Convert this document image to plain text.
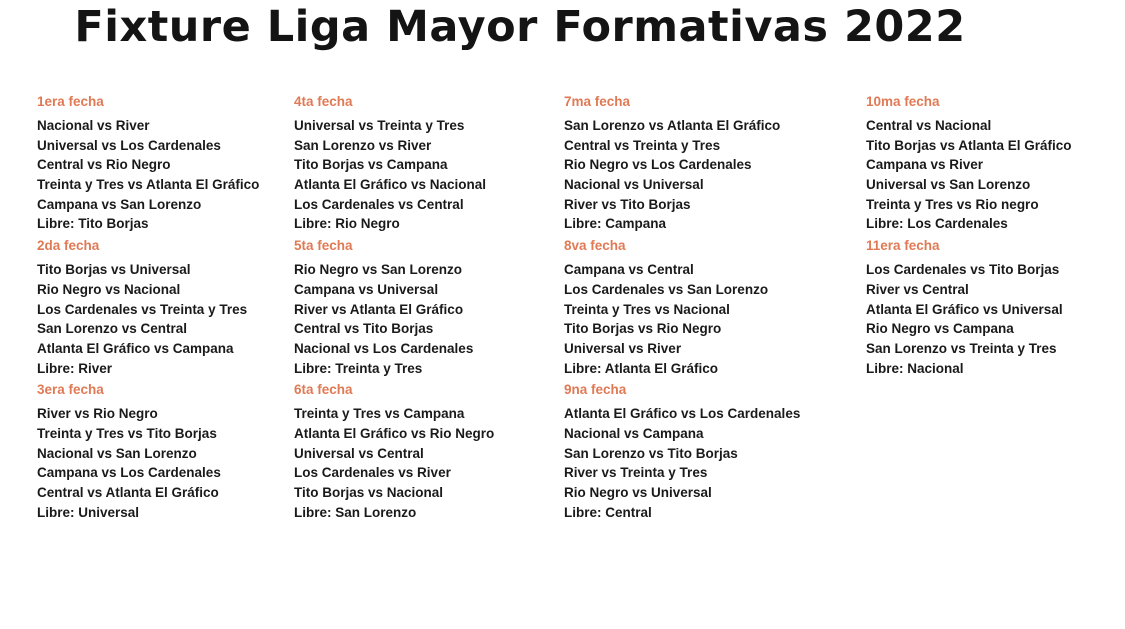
Fixture Liga Mayor Formativas 2022
1era fecha
Nacional vs River
Universal vs Los Cardenales
Central vs Rio Negro
Treinta y Tres vs Atlanta El Gráfico
Campana vs San Lorenzo
Libre: Tito Borjas
2da fecha
Tito Borjas vs Universal
Rio Negro vs Nacional
Los Cardenales vs Treinta y Tres
San Lorenzo vs Central
Atlanta El Gráfico vs Campana
Libre: River
3era fecha
River vs Rio Negro
Treinta y Tres vs Tito Borjas
Nacional vs San Lorenzo
Campana vs Los Cardenales
Central vs Atlanta El Gráfico
Libre: Universal
4ta fecha
Universal vs Treinta y Tres
San Lorenzo vs River
Tito Borjas vs Campana
Atlanta El Gráfico vs Nacional
Los Cardenales vs Central
Libre: Rio Negro
5ta fecha
Rio Negro vs San Lorenzo
Campana vs Universal
River vs Atlanta El Gráfico
Central vs Tito Borjas
Nacional vs Los Cardenales
Libre: Treinta y Tres
6ta fecha
Treinta y Tres vs Campana
Atlanta El Gráfico vs Rio Negro
Universal vs Central
Los Cardenales vs River
Tito Borjas vs Nacional
Libre: San Lorenzo
7ma fecha
San Lorenzo vs Atlanta El Gráfico
Central vs Treinta y Tres
Rio Negro vs Los Cardenales
Nacional vs Universal
River vs Tito Borjas
Libre: Campana
8va fecha
Campana vs Central
Los Cardenales vs San Lorenzo
Treinta y Tres vs Nacional
Tito Borjas vs Rio Negro
Universal vs River
Libre: Atlanta El Gráfico
9na fecha
Atlanta El Gráfico vs Los Cardenales
Nacional vs Campana
San Lorenzo vs Tito Borjas
River vs Treinta y Tres
Rio Negro vs Universal
Libre: Central
10ma fecha
Central vs Nacional
Tito Borjas vs Atlanta El Gráfico
Campana vs River
Universal vs San Lorenzo
Treinta y Tres vs Rio negro
Libre: Los Cardenales
11era fecha
Los Cardenales vs Tito Borjas
River vs Central
Atlanta El Gráfico vs Universal
Rio Negro vs Campana
San Lorenzo vs Treinta y Tres
Libre: Nacional
